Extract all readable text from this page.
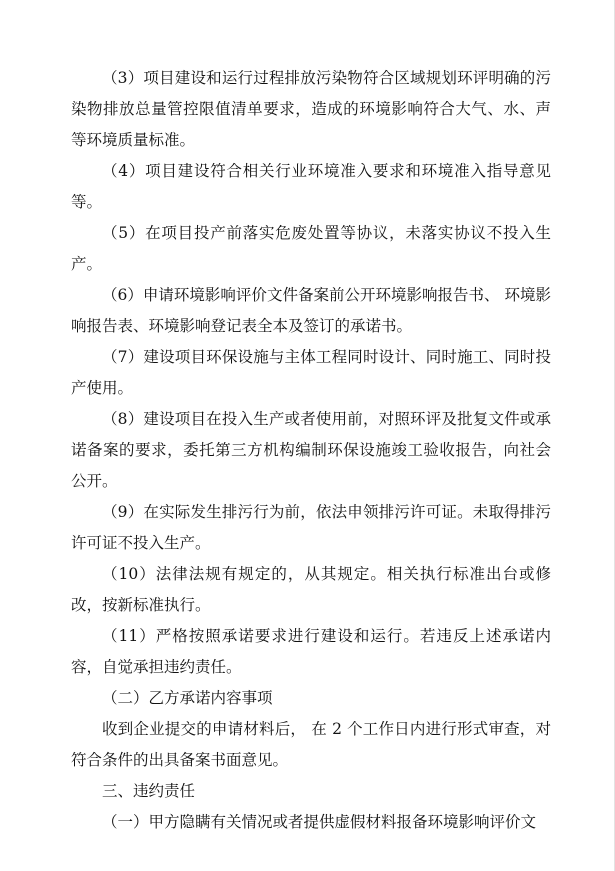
（3）项目建设和运行过程排放污染物符合区域规划环评明确的污染物排放总量管控限值清单要求，造成的环境影响符合大气、水、声等环境质量标准。

（4）项目建设符合相关行业环境准入要求和环境准入指导意见等。

（5）在项目投产前落实危废处置等协议，未落实协议不投入生产。

（6）申请环境影响评价文件备案前公开环境影响报告书、 环境影响报告表、环境影响登记表全本及签订的承诺书。

（7）建设项目环保设施与主体工程同时设计、同时施工、同时投产使用。

（8）建设项目在投入生产或者使用前，对照环评及批复文件或承诺备案的要求，委托第三方机构编制环保设施竣工验收报告，向社会公开。

（9）在实际发生排污行为前，依法申领排污许可证。未取得排污许可证不投入生产。

（10）法律法规有规定的，从其规定。相关执行标准出台或修改，按新标准执行。

（11）严格按照承诺要求进行建设和运行。若违反上述承诺内容，自觉承担违约责任。

（二）乙方承诺内容事项

收到企业提交的申请材料后， 在 2 个工作日内进行形式审查，对符合条件的出具备案书面意见。

三、违约责任

（一）甲方隐瞒有关情况或者提供虚假材料报备环境影响评价文
